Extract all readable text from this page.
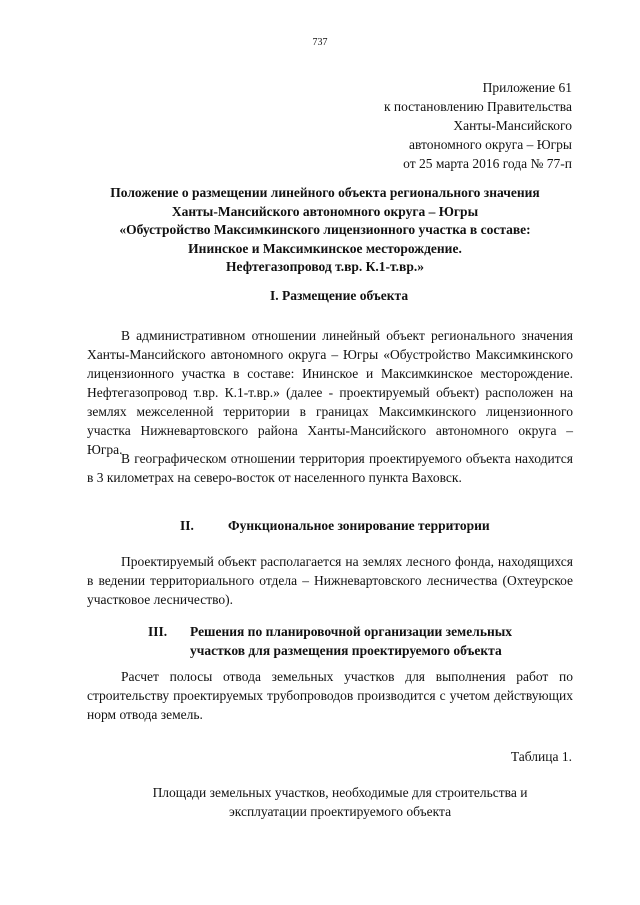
737
Приложение 61
к постановлению Правительства
Ханты-Мансийского
автономного округа – Югры
от 25 марта 2016 года № 77-п
Положение о размещении линейного объекта регионального значения
Ханты-Мансийского автономного округа – Югры
«Обустройство Максимкинского лицензионного участка в составе:
Ининское и Максимкинское месторождение.
Нефтегазопровод т.вр. К.1-т.вр.»
I. Размещение объекта

В административном отношении линейный объект регионального значения Ханты-Мансийского автономного округа – Югры «Обустройство Максимкинского лицензионного участка в составе: Ининское и Максимкинское месторождение. Нефтегазопровод т.вр. К.1-т.вр.» (далее - проектируемый объект) расположен на землях межселенной территории в границах Максимкинского лицензионного участка Нижневартовского района Ханты-Мансийского автономного округа – Югра.

В географическом отношении территория проектируемого объекта находится в 3 километрах на северо-восток от населенного пункта Ваховск.

II.	Функциональное зонирование территории

Проектируемый объект располагается на землях лесного фонда, находящихся в ведении территориального отдела – Нижневартовского лесничества (Охтеурское участковое лесничество).

III. Решения по планировочной организации земельных
участков для размещения проектируемого объекта

Расчет полосы отвода земельных участков для выполнения работ по строительству проектируемых трубопроводов производится с учетом действующих норм отвода земель.

Таблица 1.
Площади земельных участков, необходимые для строительства и
эксплуатации проектируемого объекта
